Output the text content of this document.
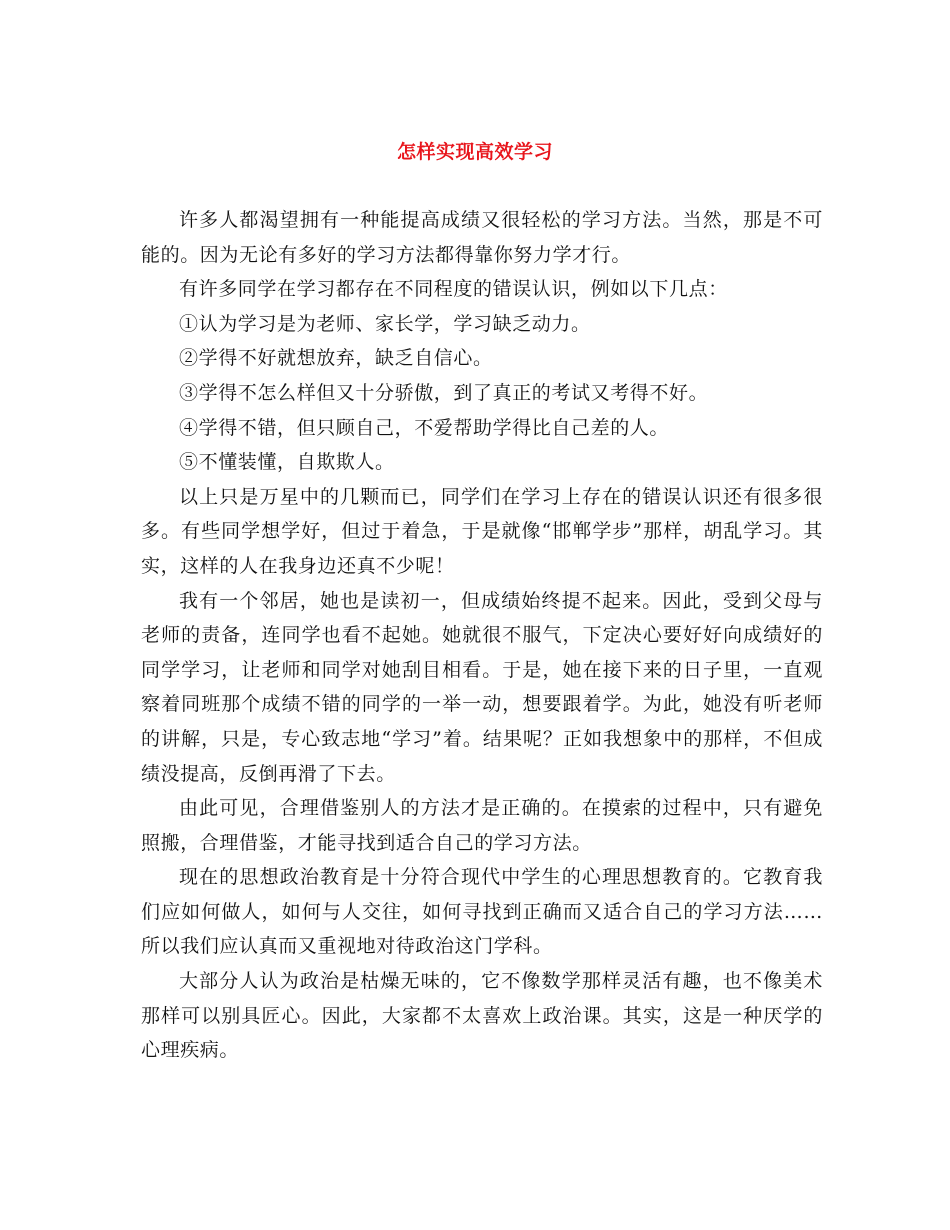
怎样实现高效学习

许多人都渴望拥有一种能提高成绩又很轻松的学习方法。当然，那是不可能的。因为无论有多好的学习方法都得靠你努力学才行。

有许多同学在学习都存在不同程度的错误认识，例如以下几点：

①认为学习是为老师、家长学，学习缺乏动力。

②学得不好就想放弃，缺乏自信心。

③学得不怎么样但又十分骄傲，到了真正的考试又考得不好。

④学得不错，但只顾自己，不爱帮助学得比自己差的人。

⑤不懂装懂，自欺欺人。

以上只是万星中的几颗而已，同学们在学习上存在的错误认识还有很多很多。有些同学想学好，但过于着急，于是就像“邯郸学步”那样，胡乱学习。其实，这样的人在我身边还真不少呢！

我有一个邻居，她也是读初一，但成绩始终提不起来。因此，受到父母与老师的责备，连同学也看不起她。她就很不服气，下定决心要好好向成绩好的同学学习，让老师和同学对她刮目相看。于是，她在接下来的日子里，一直观察着同班那个成绩不错的同学的一举一动，想要跟着学。为此，她没有听老师的讲解，只是，专心致志地“学习”着。结果呢？正如我想象中的那样，不但成绩没提高，反倒再滑了下去。

由此可见，合理借鉴别人的方法才是正确的。在摸索的过程中，只有避免照搬，合理借鉴，才能寻找到适合自己的学习方法。

现在的思想政治教育是十分符合现代中学生的心理思想教育的。它教育我们应如何做人，如何与人交往，如何寻找到正确而又适合自己的学习方法……所以我们应认真而又重视地对待政治这门学科。

大部分人认为政治是枯燥无味的，它不像数学那样灵活有趣，也不像美术那样可以别具匠心。因此，大家都不太喜欢上政治课。其实，这是一种厌学的心理疾病。
